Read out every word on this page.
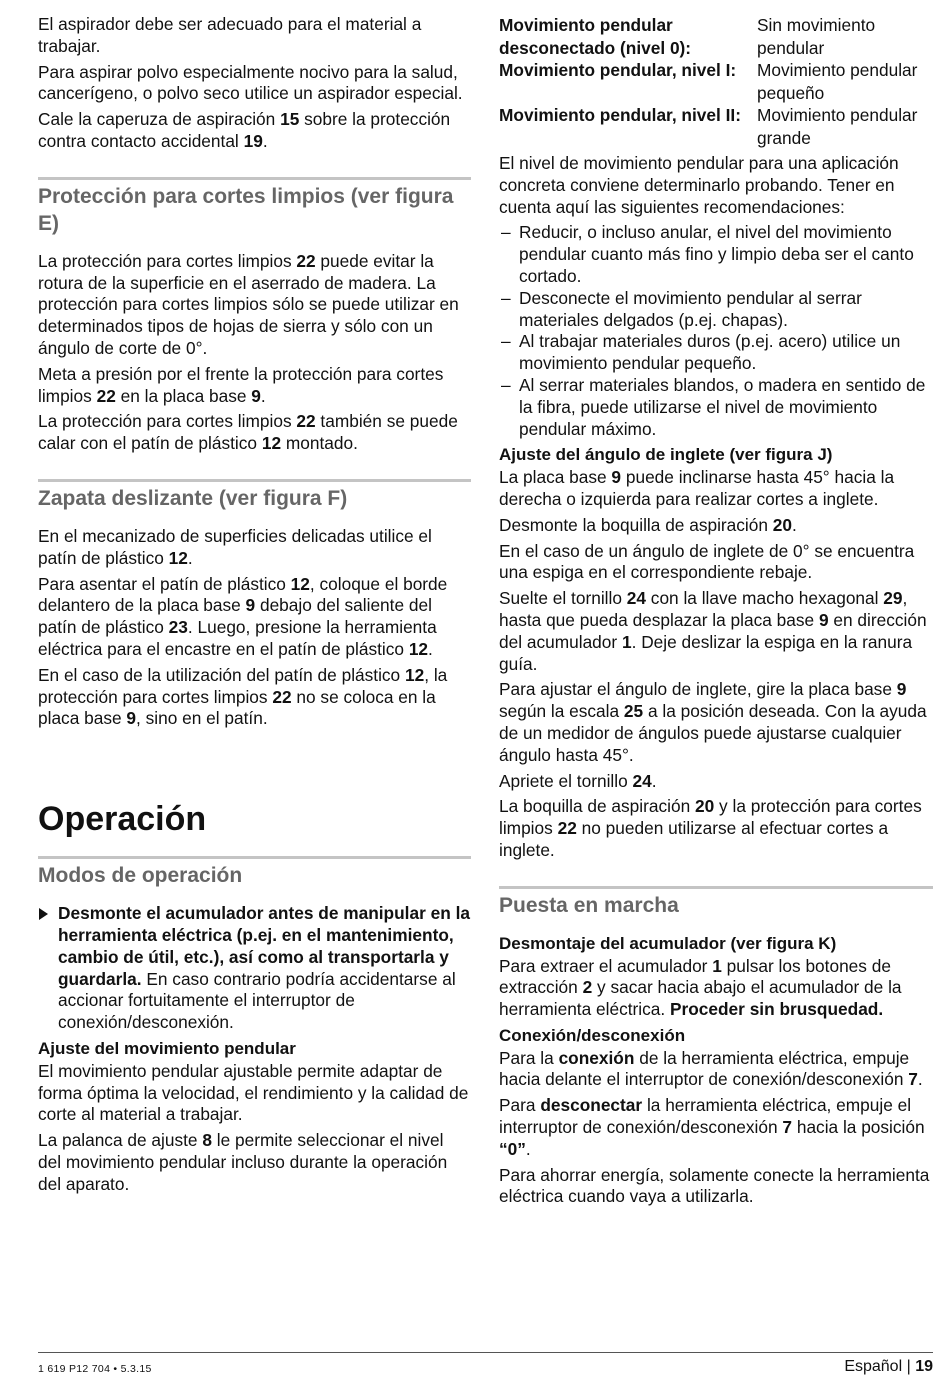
El aspirador debe ser adecuado para el material a trabajar.

Para aspirar polvo especialmente nocivo para la salud, cancerígeno, o polvo seco utilice un aspirador especial.

Cale la caperuza de aspiración 15 sobre la protección contra contacto accidental 19.

Protección para cortes limpios (ver figura E)

La protección para cortes limpios 22 puede evitar la rotura de la superficie en el aserrado de madera. La protección para cortes limpios sólo se puede utilizar en determinados tipos de hojas de sierra y sólo con un ángulo de corte de 0°.

Meta a presión por el frente la protección para cortes limpios 22 en la placa base 9.

La protección para cortes limpios 22 también se puede calar con el patín de plástico 12 montado.

Zapata deslizante (ver figura F)

En el mecanizado de superficies delicadas utilice el patín de plástico 12.

Para asentar el patín de plástico 12, coloque el borde delantero de la placa base 9 debajo del saliente del patín de plástico 23. Luego, presione la herramienta eléctrica para el encastre en el patín de plástico 12.

En el caso de la utilización del patín de plástico 12, la protección para cortes limpios 22 no se coloca en la placa base 9, sino en el patín.

Operación
Modos de operación
Desmonte el acumulador antes de manipular en la herramienta eléctrica (p.ej. en el mantenimiento, cambio de útil, etc.), así como al transportarla y guardarla. En caso contrario podría accidentarse al accionar fortuitamente el interruptor de conexión/desconexión.
Ajuste del movimiento pendular

El movimiento pendular ajustable permite adaptar de forma óptima la velocidad, el rendimiento y la calidad de corte al material a trabajar.

La palanca de ajuste 8 le permite seleccionar el nivel del movimiento pendular incluso durante la operación del aparato.

Movimiento pendular desconectado (nivel 0):	Sin movimiento pendular
Movimiento pendular, nivel I:	Movimiento pendular pequeño
Movimiento pendular, nivel II:	Movimiento pendular grande

El nivel de movimiento pendular para una aplicación concreta conviene determinarlo probando. Tener en cuenta aquí las siguientes recomendaciones:

– Reducir, o incluso anular, el nivel del movimiento pendular cuanto más fino y limpio deba ser el canto cortado.
– Desconecte el movimiento pendular al serrar materiales delgados (p.ej. chapas).
– Al trabajar materiales duros (p.ej. acero) utilice un movimiento pendular pequeño.
– Al serrar materiales blandos, o madera en sentido de la fibra, puede utilizarse el nivel de movimiento pendular máximo.
Ajuste del ángulo de inglete (ver figura J)

La placa base 9 puede inclinarse hasta 45° hacia la derecha o izquierda para realizar cortes a inglete.

Desmonte la boquilla de aspiración 20.

En el caso de un ángulo de inglete de 0° se encuentra una espiga en el correspondiente rebaje.

Suelte el tornillo 24 con la llave macho hexagonal 29, hasta que pueda desplazar la placa base 9 en dirección del acumulador 1. Deje deslizar la espiga en la ranura guía.

Para ajustar el ángulo de inglete, gire la placa base 9 según la escala 25 a la posición deseada. Con la ayuda de un medidor de ángulos puede ajustarse cualquier ángulo hasta 45°.

Apriete el tornillo 24.

La boquilla de aspiración 20 y la protección para cortes limpios 22 no pueden utilizarse al efectuar cortes a inglete.

Puesta en marcha
Desmontaje del acumulador (ver figura K)

Para extraer el acumulador 1 pulsar los botones de extracción 2 y sacar hacia abajo el acumulador de la herramienta eléctrica. Proceder sin brusquedad.

Conexión/desconexión

Para la conexión de la herramienta eléctrica, empuje hacia delante el interruptor de conexión/desconexión 7.

Para desconectar la herramienta eléctrica, empuje el interruptor de conexión/desconexión 7 hacia la posición “0”.

Para ahorrar energía, solamente conecte la herramienta eléctrica cuando vaya a utilizarla.

1 619 P12 704 • 5.3.15	Español | 19
